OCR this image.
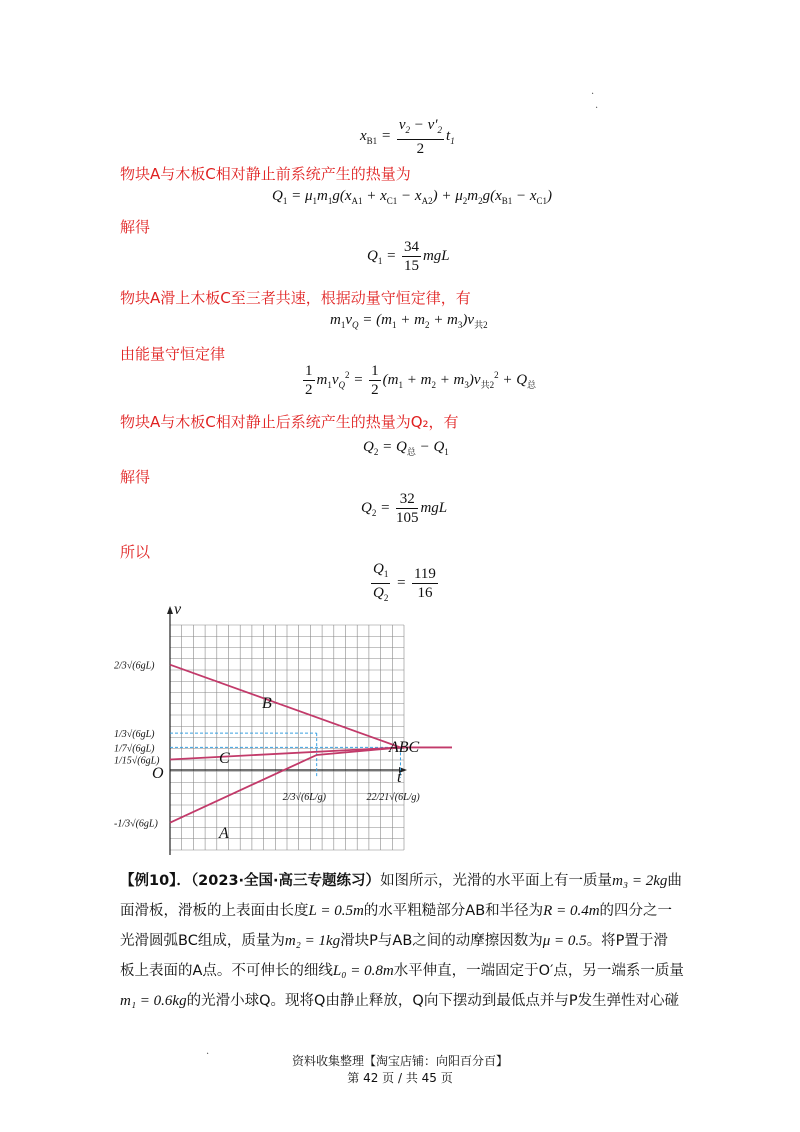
.
.
$x_{B1} = \frac{v_2 - v'_2}{2} t_1$
物块A与木板C相对静止前系统产生的热量为
$Q_1 = \mu_1m_1g(x_{A1} + x_{C1} - x_{A2}) + \mu_2m_2g(x_{B1} - x_{C1})$
解得
$Q_1 = \frac{34}{15}$ mgL
物块A滑上木板C至三者共速，根据动量守恒定律，有
$m_1v_Q = (m_1 + m_2 + m_3)v_{共2}$
由能量守恒定律
$\frac{1}{2} m_1v_Q^2 = \frac{1}{2} (m_1 + m_2 + m_3)v_{共2}^2 + Q_总$
物块A与木板C相对静止后系统产生的热量为Q₂，有
$Q_2 = Q_总 - Q_1$
解得
$Q_2 = \frac{32}{105}$ mgL
所以
$\frac{Q_1}{Q_2} = \frac{119}{16}$
v
t
O
B
C
A
ABC
2/3√(6gL)
1/3√(6gL)
1/7√(6gL)
1/15√(6gL)
-1/3√(6gL)
2/3√(6L/g)	22/21√(6L/g)
【例10】．（2023·全国·高三专题练习）如图所示，光滑的水平面上有一质量m₃ = 2kg曲
面滑板，滑板的上表面由长度L = 0.5m的水平粗糙部分AB和半径为R = 0.4m的四分之一
光滑圆弧BC组成，质量为m₂ = 1kg滑块P与AB之间的动摩擦因数为μ = 0.5。将P置于滑
板上表面的A点。不可伸长的细线L₀ = 0.8m水平伸直，一端固定于O′点，另一端系一质量
m₁ = 0.6kg的光滑小球Q。现将Q由静止释放，Q向下摆动到最低点并与P发生弹性对心碰
资料收集整理【淘宝店铺：向阳百分百】
第 42 页 / 共 45 页
.
